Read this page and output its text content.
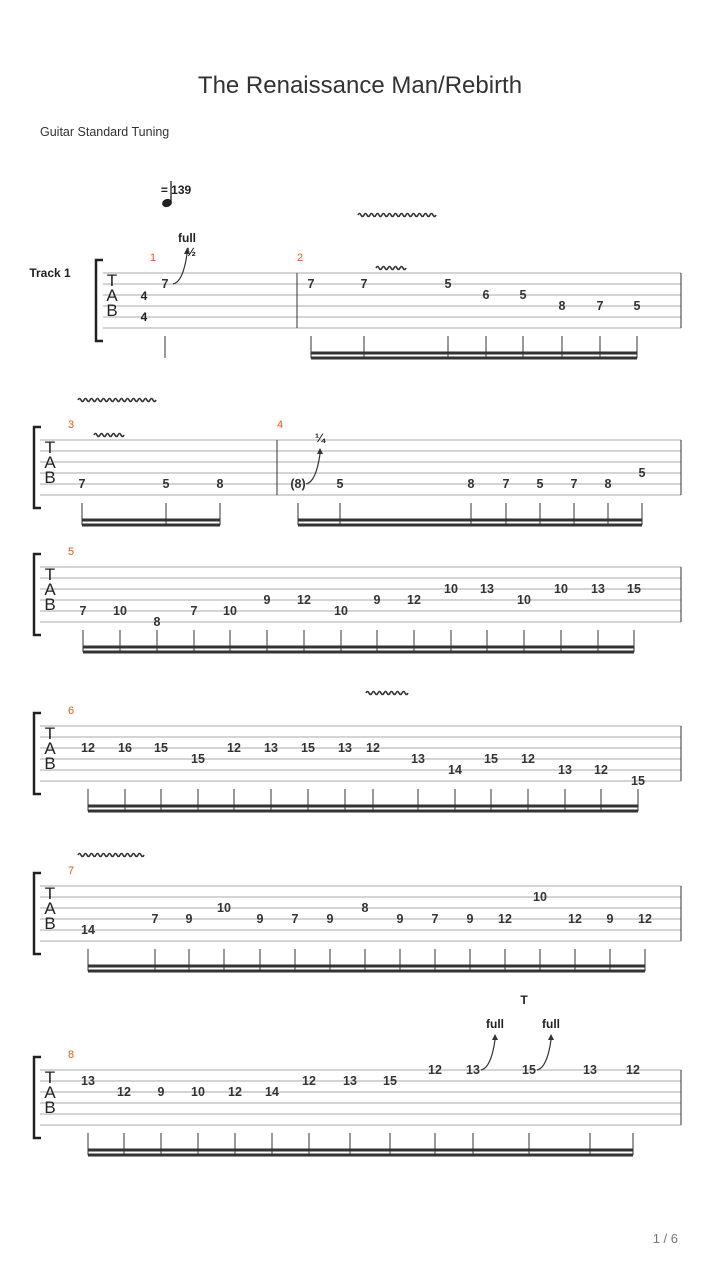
The Renaissance Man/Rebirth
Guitar Standard Tuning
T
A
B
1
7
full
½	2
7	7	5
6 5
8 7 5
T
A
B
3
7	5	8
4
(8)
¼
5	8 7 5 7 8
5
T
A
B
5
7 10
8
7 10
9 12
10
9 12
10 13
10
10 13 15
T
A
B
6
12 16 15
15
12 13 15 13 12
13
14
15 12
13 12
15
T
A
B
7
14
7 9
10
9 7 9
8
9 7 9 12
10
12 9 12
T
A
B
8
13
12 9 10 12 14
12 13 15
12 13
full
15
full
T
13 12
= 139
4
4
Track 1
1 / 6
